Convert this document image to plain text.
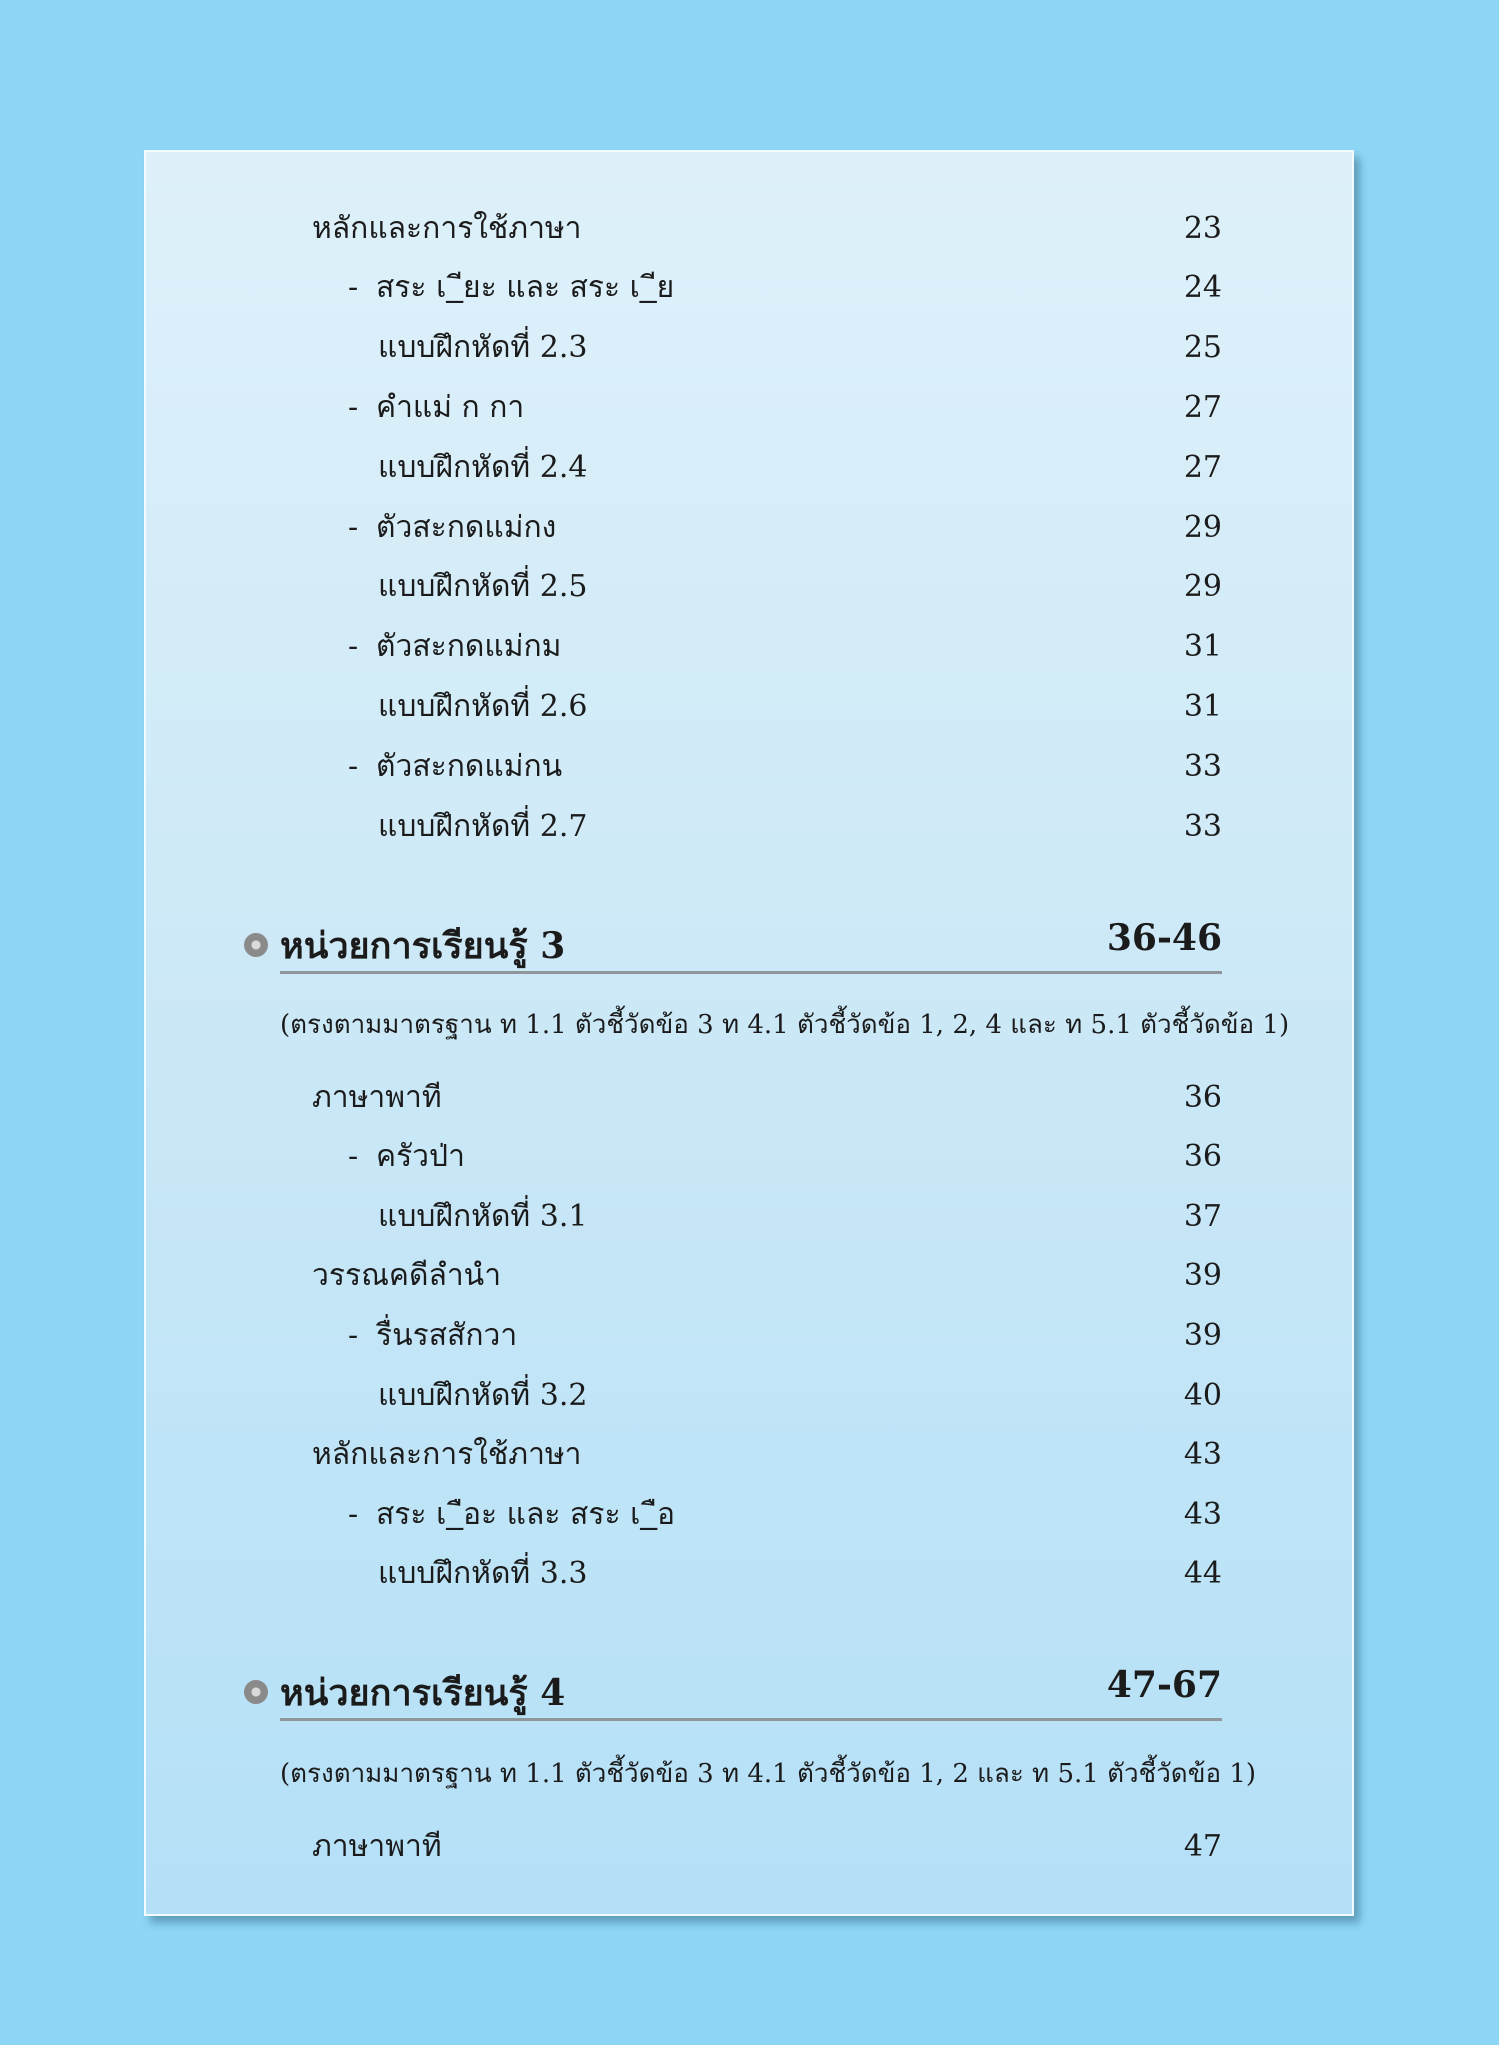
หลักและการใช้ภาษา	23
- สระ เ_ียะ และ สระ เ_ีย	24
แบบฝึกหัดที่ 2.3	25
- คำแม่ ก กา	27
แบบฝึกหัดที่ 2.4	27
- ตัวสะกดแม่กง	29
แบบฝึกหัดที่ 2.5	29
- ตัวสะกดแม่กม	31
แบบฝึกหัดที่ 2.6	31
- ตัวสะกดแม่กน	33
แบบฝึกหัดที่ 2.7	33
หน่วยการเรียนรู้ 3	36-46
(ตรงตามมาตรฐาน ท 1.1 ตัวชี้วัดข้อ 3 ท 4.1 ตัวชี้วัดข้อ 1, 2, 4 และ ท 5.1 ตัวชี้วัดข้อ 1)
ภาษาพาที	36
- ครัวป่า	36
แบบฝึกหัดที่ 3.1	37
วรรณคดีลำนำ	39
- รื่นรสสักวา	39
แบบฝึกหัดที่ 3.2	40
หลักและการใช้ภาษา	43
- สระ เ_ือะ และ สระ เ_ือ	43
แบบฝึกหัดที่ 3.3	44
หน่วยการเรียนรู้ 4	47-67
(ตรงตามมาตรฐาน ท 1.1 ตัวชี้วัดข้อ 3 ท 4.1 ตัวชี้วัดข้อ 1, 2 และ ท 5.1 ตัวชี้วัดข้อ 1)
ภาษาพาที	47
